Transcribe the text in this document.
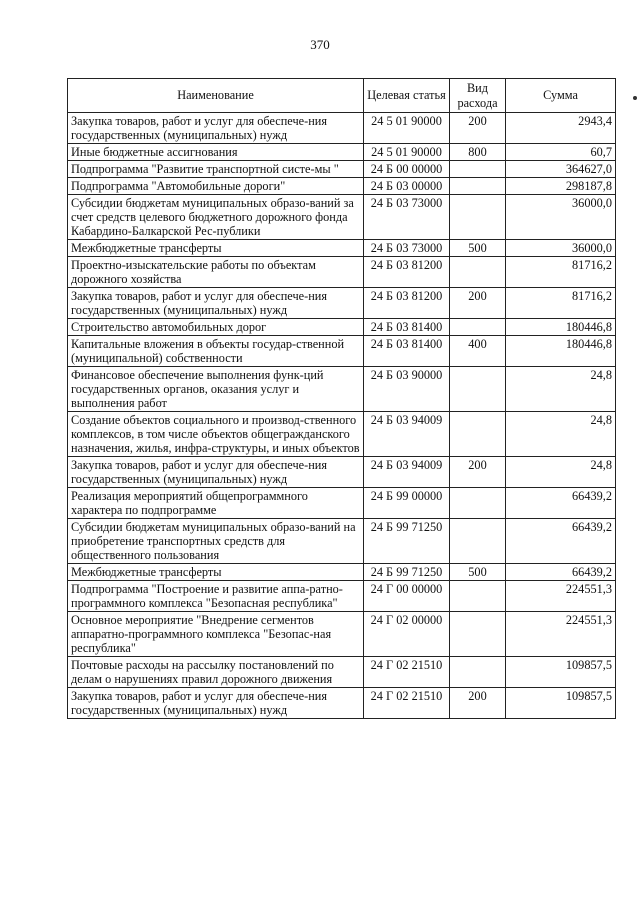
370
Наименование	Целевая статья	Вид расхода	Сумма
Закупка товаров, работ и услуг для обеспече-ния государственных (муниципальных) нужд	24 5 01 90000	200	2943,4
Иные бюджетные ассигнования	24 5 01 90000	800	60,7
Подпрограмма "Развитие транспортной систе-мы "	24 Б 00 00000		364627,0
Подпрограмма "Автомобильные дороги"	24 Б 03 00000		298187,8
Субсидии бюджетам муниципальных образо-ваний за счет средств целевого бюджетного дорожного фонда Кабардино-Балкарской Рес-публики	24 Б 03 73000		36000,0
Межбюджетные трансферты	24 Б 03 73000	500	36000,0
Проектно-изыскательские работы по объектам дорожного хозяйства	24 Б 03 81200		81716,2
Закупка товаров, работ и услуг для обеспече-ния государственных (муниципальных) нужд	24 Б 03 81200	200	81716,2
Строительство автомобильных дорог	24 Б 03 81400		180446,8
Капитальные вложения в объекты государ-ственной (муниципальной) собственности	24 Б 03 81400	400	180446,8
Финансовое обеспечение выполнения функ-ций государственных органов, оказания услуг и выполнения работ	24 Б 03 90000		24,8
Создание объектов социального и производ-ственного комплексов, в том числе объектов общегражданского назначения, жилья, инфра-структуры, и иных объектов	24 Б 03 94009		24,8
Закупка товаров, работ и услуг для обеспече-ния государственных (муниципальных) нужд	24 Б 03 94009	200	24,8
Реализация мероприятий общепрограммного характера по подпрограмме	24 Б 99 00000		66439,2
Субсидии бюджетам муниципальных образо-ваний на приобретение транспортных средств для общественного пользования	24 Б 99 71250		66439,2
Межбюджетные трансферты	24 Б 99 71250	500	66439,2
Подпрограмма "Построение и развитие аппа-ратно-программного комплекса "Безопасная республика"	24 Г 00 00000		224551,3
Основное мероприятие "Внедрение сегментов аппаратно-программного комплекса "Безопас-ная республика"	24 Г 02 00000		224551,3
Почтовые расходы на рассылку постановлений по делам о нарушениях правил дорожного движения	24 Г 02 21510		109857,5
Закупка товаров, работ и услуг для обеспече-ния государственных (муниципальных) нужд	24 Г 02 21510	200	109857,5
